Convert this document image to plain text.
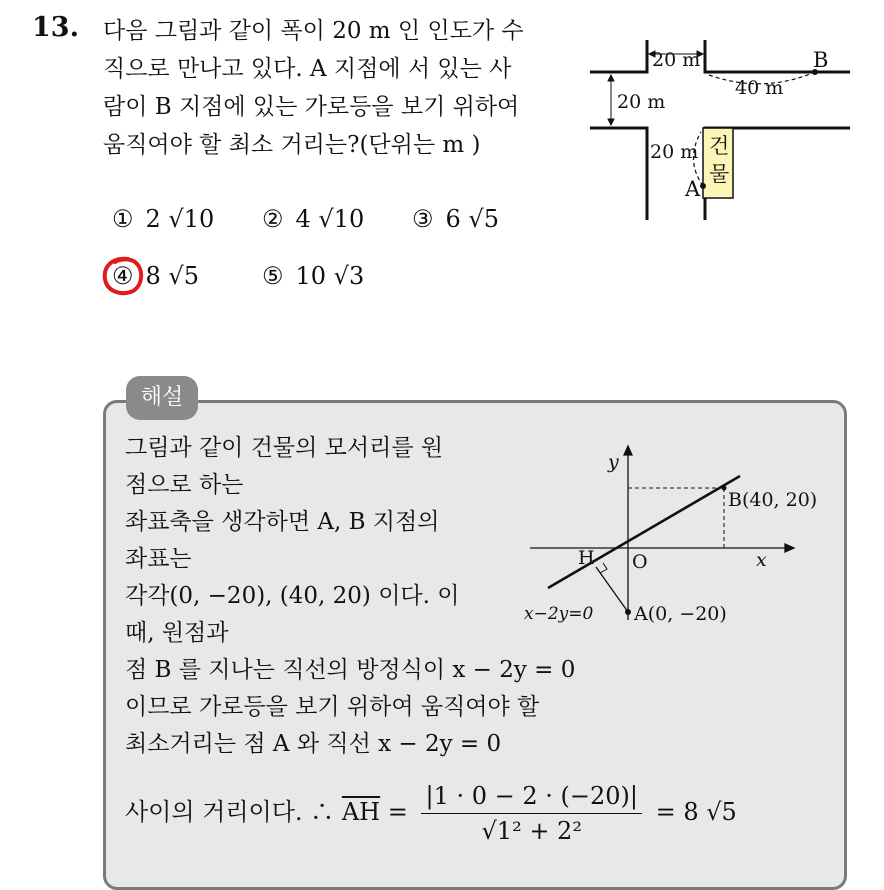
13. 다음 그림과 같이 폭이 20 m 인 인도가 수
직으로 만나고 있다. A 지점에 서 있는 사
람이 B 지점에 있는 가로등을 보기 위하여
움직여야 할 최소 거리는?(단위는 m )
① 2 √10 ② 4 √10 ③ 6 √5
④ 8 √5	⑤ 10 √3
20 m
20 m
40 m
B
20 m
A
건
물
해설
그림과 같이 건물의 모서리를 원
점으로 하는
좌표축을 생각하면 A, B 지점의
좌표는
각각(0, −20), (40, 20) 이다. 이
때, 원점과
점 B 를 지나는 직선의 방정식이 x − 2y = 0
이므로 가로등을 보기 위하여 움직여야 할
최소거리는 점 A 와 직선 x − 2y = 0
사이의 거리이다. ∴ $\overline{AH} = \frac{|1 \cdot 0 - 2 \cdot (-20)|}{\text{√1² + 2²}} = 8$ √5
y
x
O
B(40, 20)
A(0, −20)
H
x−2y=0
